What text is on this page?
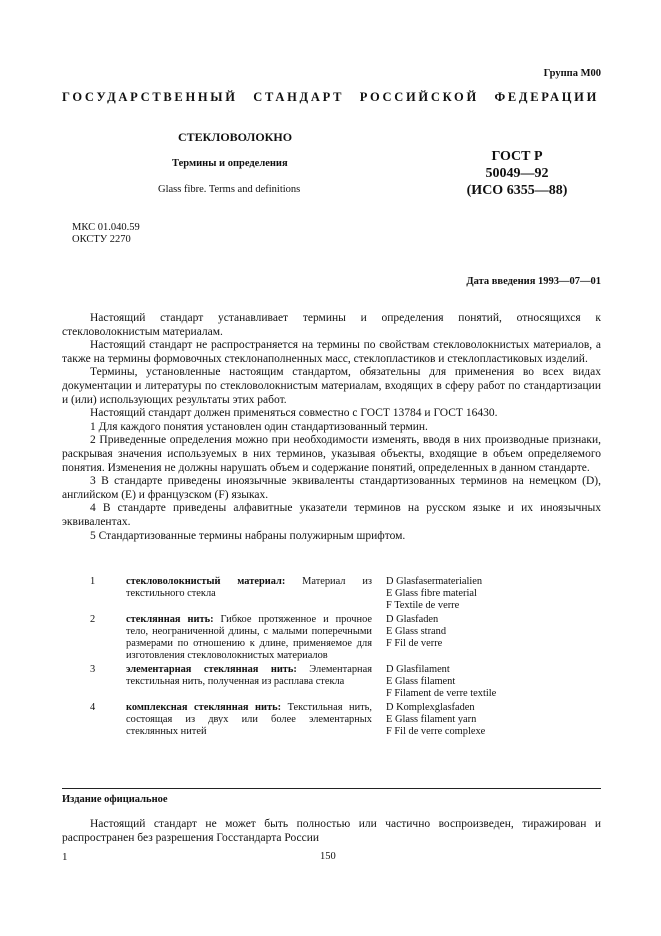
Группа М00
ГОСУДАРСТВЕННЫЙ СТАНДАРТ РОССИЙСКОЙ ФЕДЕРАЦИИ
СТЕКЛОВОЛОКНО
Термины и определения
Glass fibre. Terms and definitions
ГОСТ Р
50049—92
(ИСО 6355—88)
МКС 01.040.59
ОКСТУ 2270
Дата введения 1993—07—01

Настоящий стандарт устанавливает термины и определения понятий, относящихся к стекловолокнистым материалам.

Настоящий стандарт не распространяется на термины по свойствам стекловолокнистых материалов, а также на термины формовочных стеклонаполненных масс, стеклопластиков и стеклопластиковых изделий.

Термины, установленные настоящим стандартом, обязательны для применения во всех видах документации и литературы по стекловолокнистым материалам, входящих в сферу работ по стандартизации и (или) использующих результаты этих работ.

Настоящий стандарт должен применяться совместно с ГОСТ 13784 и ГОСТ 16430.

1 Для каждого понятия установлен один стандартизованный термин.

2 Приведенные определения можно при необходимости изменять, вводя в них производные признаки, раскрывая значения используемых в них терминов, указывая объекты, входящие в объем определяемого понятия. Изменения не должны нарушать объем и содержание понятий, определенных в данном стандарте.

3 В стандарте приведены иноязычные эквиваленты стандартизованных терминов на немецком (D), английском (E) и французском (F) языках.

4 В стандарте приведены алфавитные указатели терминов на русском языке и их иноязычных эквивалентах.

5 Стандартизованные термины набраны полужирным шрифтом.

1	стекловолокнистый материал: Материал из текстильного стекла
D Glasfasermaterialien
E Glass fibre material
F Textile de verre
2	стеклянная нить: Гибкое протяженное и прочное тело, неограниченной длины, с малыми поперечными размерами по отношению к длине, применяемое для изготовления стекловолокнистых материалов
D Glasfaden
E Glass strand
F Fil de verre
3	элементарная стеклянная нить: Элементарная текстильная нить, полученная из расплава стекла
D Glasfilament
E Glass filament
F Filament de verre textile
4	комплексная стеклянная нить: Текстильная нить, состоящая из двух или более элементарных стеклянных нитей
D Komplexglasfaden
E Glass filament yarn
F Fil de verre complexe
Издание официальное
Настоящий стандарт не может быть полностью или частично воспроизведен, тиражирован и распространен без разрешения Госстандарта России
1	150
